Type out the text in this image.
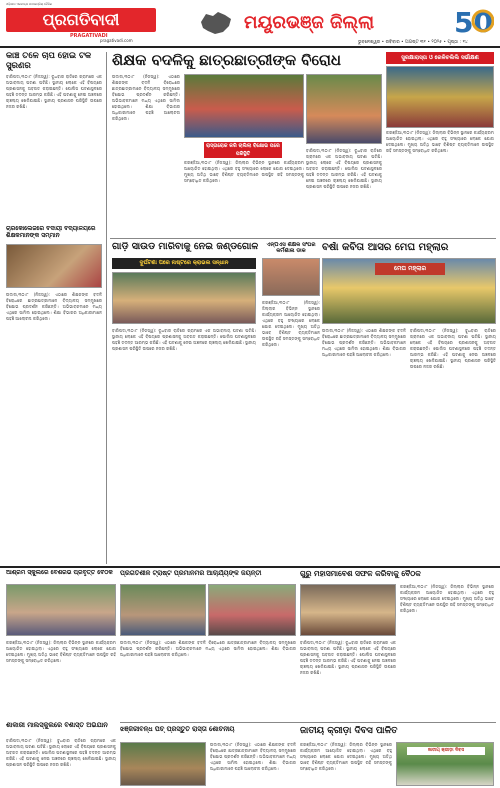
ଓଡ଼ିଶାର ଏକମାତ୍ର ପାଠକପ୍ରିୟ ଦୈନିକ
ପ୍ରଗତିବାଦୀ
PRAGATIVADI
pragativadi.com
ମୟୂରଭଞ୍ଜ ଜିଲ୍ଲା	50
ଭୁବନେଶ୍ୱର • ରବିବାର • ଅଗଷ୍ଟ ୩୧ • ୨୦୨୫ • ପୃଷ୍ଠା : ୧୪
କାଞ୍ଚ ତଳେ ଚାପି ହୋଇ ଟିକି ସୁରଣର
ବାରିପଦା,୩୦।୮ (ନିଜସ୍ୱ): ବୁଧବାର ରାତିରେ ଗ୍ରାମରେ ଏକ ଅଭାବନୀୟ ଘଟଣା ଘଟିଛି। ସ୍ଥାନୀୟ ଲୋକେ ଏହି ବିଷୟରେ ପ୍ରଶାସନକୁ ଅବଗତ କରାଇଛନ୍ତି। ପୋଲିସ ଘଟଣାସ୍ଥଳରେ ପହଞ୍ଚି ତଦନ୍ତ ଆରମ୍ଭ କରିଛି। ଏହି ଘଟଣାକୁ ନେଇ ଅଞ୍ଚଳରେ ଚାଞ୍ଚଲ୍ୟ ଖେଳିଯାଇଛି। ସ୍ଥାନୀୟ ପ୍ରଶାସନ ପରିସ୍ଥିତି ଉପରେ ନଜର ରଖିଛି।
ଚାରକୋଲେଜରେ ବିଦାୟୀ ବିଦ୍ୟାଳୟରେ ଶିକ୍ଷକମାନଙ୍କ ସମ୍ମାନ
ଉଦାଳା,୩୦।୮ (ନିଜସ୍ୱ): ଏଠାରେ ଶିକ୍ଷକଙ୍କ ବଦଳି ବିରୋଧରେ ଛାତ୍ରଛାତ୍ରୀମାନେ ବିଦ୍ୟାଳୟ ସମ୍ମୁଖରେ ବିକ୍ଷୋଭ ପ୍ରଦର୍ଶନ କରିଛନ୍ତି। ଅଭିଭାବକମାନେ ମଧ୍ୟ ଏଥିରେ ସାମିଲ ହୋଇଥିଲେ। ଶିକ୍ଷା ବିଭାଗର ଅଧିକାରୀମାନେ ପହଞ୍ଚି ଆଲୋଚନା କରିଥିଲେ।
ଶିକ୍ଷକ ବଦଳିକୁ ଛାତ୍ରଛାତ୍ରୀଙ୍କ ବିରୋଧ
ଉଦାଳା,୩୦।୮ (ନିଜସ୍ୱ): ଏଠାରେ ଶିକ୍ଷକଙ୍କ ବଦଳି ବିରୋଧରେ ଛାତ୍ରଛାତ୍ରୀମାନେ ବିଦ୍ୟାଳୟ ସମ୍ମୁଖରେ ବିକ୍ଷୋଭ ପ୍ରଦର୍ଶନ କରିଛନ୍ତି। ଅଭିଭାବକମାନେ ମଧ୍ୟ ଏଥିରେ ସାମିଲ ହୋଇଥିଲେ। ଶିକ୍ଷା ବିଭାଗର ଅଧିକାରୀମାନେ ପହଞ୍ଚି ଆଲୋଚନା କରିଥିଲେ।
ରାସ୍ତାରୋକ କରି ଚାଲିଲା ବିକ୍ଷୋଭ ପରେ ପରିସ୍ଥିତି
କରଞ୍ଜିଆ,୩୦।୮ (ନିଜସ୍ୱ): ଜିଲ୍ଲାର ବିଭିନ୍ନ ସ୍ଥାନରେ କାର୍ଯ୍ୟକ୍ରମ ଆୟୋଜିତ ହୋଇଥିଲା। ଏଥିରେ ବହୁ ସଂଖ୍ୟାରେ ଲୋକେ ଯୋଗ ଦେଇଥିଲେ। ମୁଖ୍ୟ ଅତିଥି ଭାବେ ବିଶିଷ୍ଟ ବ୍ୟକ୍ତିମାନେ ଉପସ୍ଥିତ ରହି ସମସ୍ତଙ୍କୁ ସମ୍ବୋଧିତ କରିଥିଲେ।
ବାରିପଦା,୩୦।୮ (ନିଜସ୍ୱ): ବୁଧବାର ରାତିରେ ଗ୍ରାମରେ ଏକ ଅଭାବନୀୟ ଘଟଣା ଘଟିଛି। ସ୍ଥାନୀୟ ଲୋକେ ଏହି ବିଷୟରେ ପ୍ରଶାସନକୁ ଅବଗତ କରାଇଛନ୍ତି। ପୋଲିସ ଘଟଣାସ୍ଥଳରେ ପହଞ୍ଚି ତଦନ୍ତ ଆରମ୍ଭ କରିଛି। ଏହି ଘଟଣାକୁ ନେଇ ଅଞ୍ଚଳରେ ଚାଞ୍ଚଲ୍ୟ ଖେଳିଯାଇଛି। ସ୍ଥାନୀୟ ପ୍ରଶାସନ ପରିସ୍ଥିତି ଉପରେ ନଜର ରଖିଛି।
ସୁରକ୍ଷାରାସ୍ତା ଓ ରେଳିଚଲିଲି ସର୍ଭାକ୍ଷଣ
କରଞ୍ଜିଆ,୩୦।୮ (ନିଜସ୍ୱ): ଜିଲ୍ଲାର ବିଭିନ୍ନ ସ୍ଥାନରେ କାର୍ଯ୍ୟକ୍ରମ ଆୟୋଜିତ ହୋଇଥିଲା। ଏଥିରେ ବହୁ ସଂଖ୍ୟାରେ ଲୋକେ ଯୋଗ ଦେଇଥିଲେ। ମୁଖ୍ୟ ଅତିଥି ଭାବେ ବିଶିଷ୍ଟ ବ୍ୟକ୍ତିମାନେ ଉପସ୍ଥିତ ରହି ସମସ୍ତଙ୍କୁ ସମ୍ବୋଧିତ କରିଥିଲେ।
ଗାଡ଼ି ସାଉଡ ମାରିବାକୁ ନେଇ ଜଣ୍ଡଗୋଳ
ଦୁର୍ଘଟଣା ପରେ ନାଷ୍ଟରେ କ୍ରାଭଲ ସନ୍ଧାନ
ବାରିପଦା,୩୦।୮ (ନିଜସ୍ୱ): ବୁଧବାର ରାତିରେ ଗ୍ରାମରେ ଏକ ଅଭାବନୀୟ ଘଟଣା ଘଟିଛି। ସ୍ଥାନୀୟ ଲୋକେ ଏହି ବିଷୟରେ ପ୍ରଶାସନକୁ ଅବଗତ କରାଇଛନ୍ତି। ପୋଲିସ ଘଟଣାସ୍ଥଳରେ ପହଞ୍ଚି ତଦନ୍ତ ଆରମ୍ଭ କରିଛି। ଏହି ଘଟଣାକୁ ନେଇ ଅଞ୍ଚଳରେ ଚାଞ୍ଚଲ୍ୟ ଖେଳିଯାଇଛି। ସ୍ଥାନୀୟ ପ୍ରଶାସନ ପରିସ୍ଥିତି ଉପରେ ନଜର ରଖିଛି।
ଏନ୍ପିଏସ ଶିକ୍ଷକ ସଂଘର କର୍ମଶାଳା ଡାକ
କରଞ୍ଜିଆ,୩୦।୮ (ନିଜସ୍ୱ): ଜିଲ୍ଲାର ବିଭିନ୍ନ ସ୍ଥାନରେ କାର୍ଯ୍ୟକ୍ରମ ଆୟୋଜିତ ହୋଇଥିଲା। ଏଥିରେ ବହୁ ସଂଖ୍ୟାରେ ଲୋକେ ଯୋଗ ଦେଇଥିଲେ। ମୁଖ୍ୟ ଅତିଥି ଭାବେ ବିଶିଷ୍ଟ ବ୍ୟକ୍ତିମାନେ ଉପସ୍ଥିତ ରହି ସମସ୍ତଙ୍କୁ ସମ୍ବୋଧିତ କରିଥିଲେ।
ବର୍ଷା କବିତା ଆସର ମେଘ ମହ୍ଲାର
ମେଘ ମହ୍ଲାର
ଉଦାଳା,୩୦।୮ (ନିଜସ୍ୱ): ଏଠାରେ ଶିକ୍ଷକଙ୍କ ବଦଳି ବିରୋଧରେ ଛାତ୍ରଛାତ୍ରୀମାନେ ବିଦ୍ୟାଳୟ ସମ୍ମୁଖରେ ବିକ୍ଷୋଭ ପ୍ରଦର୍ଶନ କରିଛନ୍ତି। ଅଭିଭାବକମାନେ ମଧ୍ୟ ଏଥିରେ ସାମିଲ ହୋଇଥିଲେ। ଶିକ୍ଷା ବିଭାଗର ଅଧିକାରୀମାନେ ପହଞ୍ଚି ଆଲୋଚନା କରିଥିଲେ।
ବାରିପଦା,୩୦।୮ (ନିଜସ୍ୱ): ବୁଧବାର ରାତିରେ ଗ୍ରାମରେ ଏକ ଅଭାବନୀୟ ଘଟଣା ଘଟିଛି। ସ୍ଥାନୀୟ ଲୋକେ ଏହି ବିଷୟରେ ପ୍ରଶାସନକୁ ଅବଗତ କରାଇଛନ୍ତି। ପୋଲିସ ଘଟଣାସ୍ଥଳରେ ପହଞ୍ଚି ତଦନ୍ତ ଆରମ୍ଭ କରିଛି। ଏହି ଘଟଣାକୁ ନେଇ ଅଞ୍ଚଳରେ ଚାଞ୍ଚଲ୍ୟ ଖେଳିଯାଇଛି। ସ୍ଥାନୀୟ ପ୍ରଶାସନ ପରିସ୍ଥିତି ଉପରେ ନଜର ରଖିଛି।
ଆଶ୍ରମ ସ୍କୁଲରେ ବେଶିରିଭି ପ୍ରବୃତ୍ତି ବୈଠକ
କରଞ୍ଜିଆ,୩୦।୮ (ନିଜସ୍ୱ): ଜିଲ୍ଲାର ବିଭିନ୍ନ ସ୍ଥାନରେ କାର୍ଯ୍ୟକ୍ରମ ଆୟୋଜିତ ହୋଇଥିଲା। ଏଥିରେ ବହୁ ସଂଖ୍ୟାରେ ଲୋକେ ଯୋଗ ଦେଇଥିଲେ। ମୁଖ୍ୟ ଅତିଥି ଭାବେ ବିଶିଷ୍ଟ ବ୍ୟକ୍ତିମାନେ ଉପସ୍ଥିତ ରହି ସମସ୍ତଙ୍କୁ ସମ୍ବୋଧିତ କରିଥିଲେ।
ଶାକାରୀ ମାଲସ୍କୁଲରେ ବିଶାସ୍ତ ଅଭିଯାନ
ବାରିପଦା,୩୦।୮ (ନିଜସ୍ୱ): ବୁଧବାର ରାତିରେ ଗ୍ରାମରେ ଏକ ଅଭାବନୀୟ ଘଟଣା ଘଟିଛି। ସ୍ଥାନୀୟ ଲୋକେ ଏହି ବିଷୟରେ ପ୍ରଶାସନକୁ ଅବଗତ କରାଇଛନ୍ତି। ପୋଲିସ ଘଟଣାସ୍ଥଳରେ ପହଞ୍ଚି ତଦନ୍ତ ଆରମ୍ଭ କରିଛି। ଏହି ଘଟଣାକୁ ନେଇ ଅଞ୍ଚଳରେ ଚାଞ୍ଚଲ୍ୟ ଖେଳିଯାଇଛି। ସ୍ଥାନୀୟ ପ୍ରଶାସନ ପରିସ୍ଥିତି ଉପରେ ନଜର ରଖିଛି।
ପ୍ରଗତିଶୀଳ ଟ୍ରାଷ୍ଟ ପ୍ରମାନମର ଆଚାର୍ଯ୍ୟଙ୍କ ଜୟନ୍ତୀ
ଉଦାଳା,୩୦।୮ (ନିଜସ୍ୱ): ଏଠାରେ ଶିକ୍ଷକଙ୍କ ବଦଳି ବିରୋଧରେ ଛାତ୍ରଛାତ୍ରୀମାନେ ବିଦ୍ୟାଳୟ ସମ୍ମୁଖରେ ବିକ୍ଷୋଭ ପ୍ରଦର୍ଶନ କରିଛନ୍ତି। ଅଭିଭାବକମାନେ ମଧ୍ୟ ଏଥିରେ ସାମିଲ ହୋଇଥିଲେ। ଶିକ୍ଷା ବିଭାଗର ଅଧିକାରୀମାନେ ପହଞ୍ଚି ଆଲୋଚନା କରିଥିଲେ।
ଗୁରୁ ମହାସମାବେଶ ସଫଳ କରିବାକୁ ବୈଠକ
କରଞ୍ଜିଆ,୩୦।୮ (ନିଜସ୍ୱ): ଜିଲ୍ଲାର ବିଭିନ୍ନ ସ୍ଥାନରେ କାର୍ଯ୍ୟକ୍ରମ ଆୟୋଜିତ ହୋଇଥିଲା। ଏଥିରେ ବହୁ ସଂଖ୍ୟାରେ ଲୋକେ ଯୋଗ ଦେଇଥିଲେ। ମୁଖ୍ୟ ଅତିଥି ଭାବେ ବିଶିଷ୍ଟ ବ୍ୟକ୍ତିମାନେ ଉପସ୍ଥିତ ରହି ସମସ୍ତଙ୍କୁ ସମ୍ବୋଧିତ କରିଥିଲେ।
ବାରିପଦା,୩୦।୮ (ନିଜସ୍ୱ): ବୁଧବାର ରାତିରେ ଗ୍ରାମରେ ଏକ ଅଭାବନୀୟ ଘଟଣା ଘଟିଛି। ସ୍ଥାନୀୟ ଲୋକେ ଏହି ବିଷୟରେ ପ୍ରଶାସନକୁ ଅବଗତ କରାଇଛନ୍ତି। ପୋଲିସ ଘଟଣାସ୍ଥଳରେ ପହଞ୍ଚି ତଦନ୍ତ ଆରମ୍ଭ କରିଛି। ଏହି ଘଟଣାକୁ ନେଇ ଅଞ୍ଚଳରେ ଚାଞ୍ଚଲ୍ୟ ଖେଳିଯାଇଛି। ସ୍ଥାନୀୟ ପ୍ରଶାସନ ପରିସ୍ଥିତି ଉପରେ ନଜର ରଖିଛି।
ଝିଞ୍ଜିରୀବନ୍ଧ ପିଚ୍ ପ୍ରସ୍ତୁତି ରାସ୍ତା ଶୋଚନୀୟ
ଉଦାଳା,୩୦।୮ (ନିଜସ୍ୱ): ଏଠାରେ ଶିକ୍ଷକଙ୍କ ବଦଳି ବିରୋଧରେ ଛାତ୍ରଛାତ୍ରୀମାନେ ବିଦ୍ୟାଳୟ ସମ୍ମୁଖରେ ବିକ୍ଷୋଭ ପ୍ରଦର୍ଶନ କରିଛନ୍ତି। ଅଭିଭାବକମାନେ ମଧ୍ୟ ଏଥିରେ ସାମିଲ ହୋଇଥିଲେ। ଶିକ୍ଷା ବିଭାଗର ଅଧିକାରୀମାନେ ପହଞ୍ଚି ଆଲୋଚନା କରିଥିଲେ।
ଜାତୀୟ କ୍ରୀଡ଼ା ଦିବସ ପାଳିତ
କରଞ୍ଜିଆ,୩୦।୮ (ନିଜସ୍ୱ): ଜିଲ୍ଲାର ବିଭିନ୍ନ ସ୍ଥାନରେ କାର୍ଯ୍ୟକ୍ରମ ଆୟୋଜିତ ହୋଇଥିଲା। ଏଥିରେ ବହୁ ସଂଖ୍ୟାରେ ଲୋକେ ଯୋଗ ଦେଇଥିଲେ। ମୁଖ୍ୟ ଅତିଥି ଭାବେ ବିଶିଷ୍ଟ ବ୍ୟକ୍ତିମାନେ ଉପସ୍ଥିତ ରହି ସମସ୍ତଙ୍କୁ ସମ୍ବୋଧିତ କରିଥିଲେ।
ଜାତୀୟ କ୍ରୀଡ଼ା ଦିବସ
